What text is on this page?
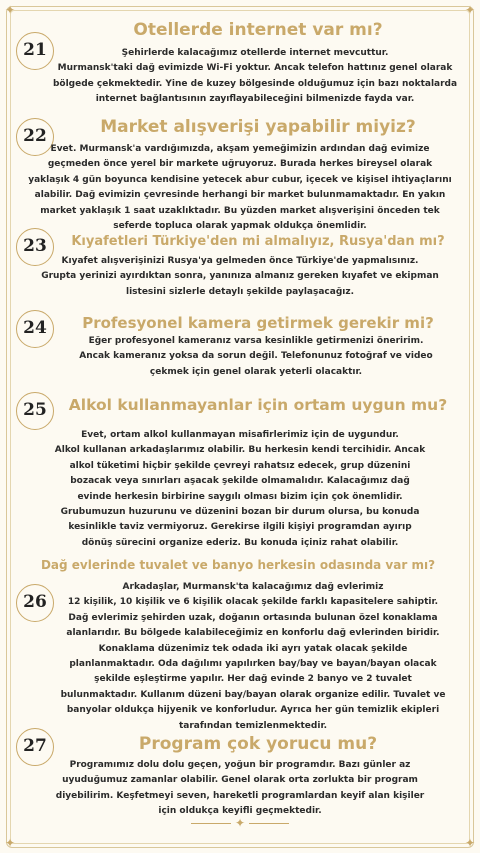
✦	✦
✦	✦
21
Otellerde internet var mı?
Şehirlerde kalacağımız otellerde internet mevcuttur.
Murmansk'taki dağ evimizde Wi-Fi yoktur. Ancak telefon hattınız genel olarak
bölgede çekmektedir. Yine de kuzey bölgesinde olduğumuz için bazı noktalarda
internet bağlantısının zayıflayabileceğini bilmenizde fayda var.
22	Market alışverişi yapabilir miyiz?
Evet. Murmansk'a vardığımızda, akşam yemeğimizin ardından dağ evimize
geçmeden önce yerel bir markete uğruyoruz. Burada herkes bireysel olarak
yaklaşık 4 gün boyunca kendisine yetecek abur cubur, içecek ve kişisel ihtiyaçlarını
alabilir. Dağ evimizin çevresinde herhangi bir market bulunmamaktadır. En yakın
market yaklaşık 1 saat uzaklıktadır. Bu yüzden market alışverişini önceden tek
seferde topluca olarak yapmak oldukça önemlidir.
23	Kıyafetleri Türkiye'den mi almalıyız, Rusya'dan mı?
Kıyafet alışverişinizi Rusya'ya gelmeden önce Türkiye'de yapmalısınız.
Grupta yerinizi ayırdıktan sonra, yanınıza almanız gereken kıyafet ve ekipman
listesini sizlerle detaylı şekilde paylaşacağız.
24	Profesyonel kamera getirmek gerekir mi?
Eğer profesyonel kameranız varsa kesinlikle getirmenizi öneririm.
Ancak kameranız yoksa da sorun değil. Telefonunuz fotoğraf ve video
çekmek için genel olarak yeterli olacaktır.
25	Alkol kullanmayanlar için ortam uygun mu?
Evet, ortam alkol kullanmayan misafirlerimiz için de uygundur.
Alkol kullanan arkadaşlarımız olabilir. Bu herkesin kendi tercihidir. Ancak
alkol tüketimi hiçbir şekilde çevreyi rahatsız edecek, grup düzenini
bozacak veya sınırları aşacak şekilde olmamalıdır. Kalacağımız dağ
evinde herkesin birbirine saygılı olması bizim için çok önemlidir.
Grubumuzun huzurunu ve düzenini bozan bir durum olursa, bu konuda
kesinlikle taviz vermiyoruz. Gerekirse ilgili kişiyi programdan ayırıp
dönüş sürecini organize ederiz. Bu konuda içiniz rahat olabilir.
26
Dağ evlerinde tuvalet ve banyo herkesin odasında var mı?
Arkadaşlar, Murmansk'ta kalacağımız dağ evlerimiz
12 kişilik, 10 kişilik ve 6 kişilik olacak şekilde farklı kapasitelere sahiptir.
Dağ evlerimiz şehirden uzak, doğanın ortasında bulunan özel konaklama
alanlarıdır. Bu bölgede kalabileceğimiz en konforlu dağ evlerinden biridir.
Konaklama düzenimiz tek odada iki ayrı yatak olacak şekilde
planlanmaktadır. Oda dağılımı yapılırken bay/bay ve bayan/bayan olacak
şekilde eşleştirme yapılır. Her dağ evinde 2 banyo ve 2 tuvalet
bulunmaktadır. Kullanım düzeni bay/bayan olarak organize edilir. Tuvalet ve
banyolar oldukça hijyenik ve konforludur. Ayrıca her gün temizlik ekipleri
tarafından temizlenmektedir.
27	Program çok yorucu mu?
Programımız dolu dolu geçen, yoğun bir programdır. Bazı günler az
uyuduğumuz zamanlar olabilir. Genel olarak orta zorlukta bir program
diyebilirim. Keşfetmeyi seven, hareketli programlardan keyif alan kişiler
için oldukça keyifli geçmektedir.
✦
